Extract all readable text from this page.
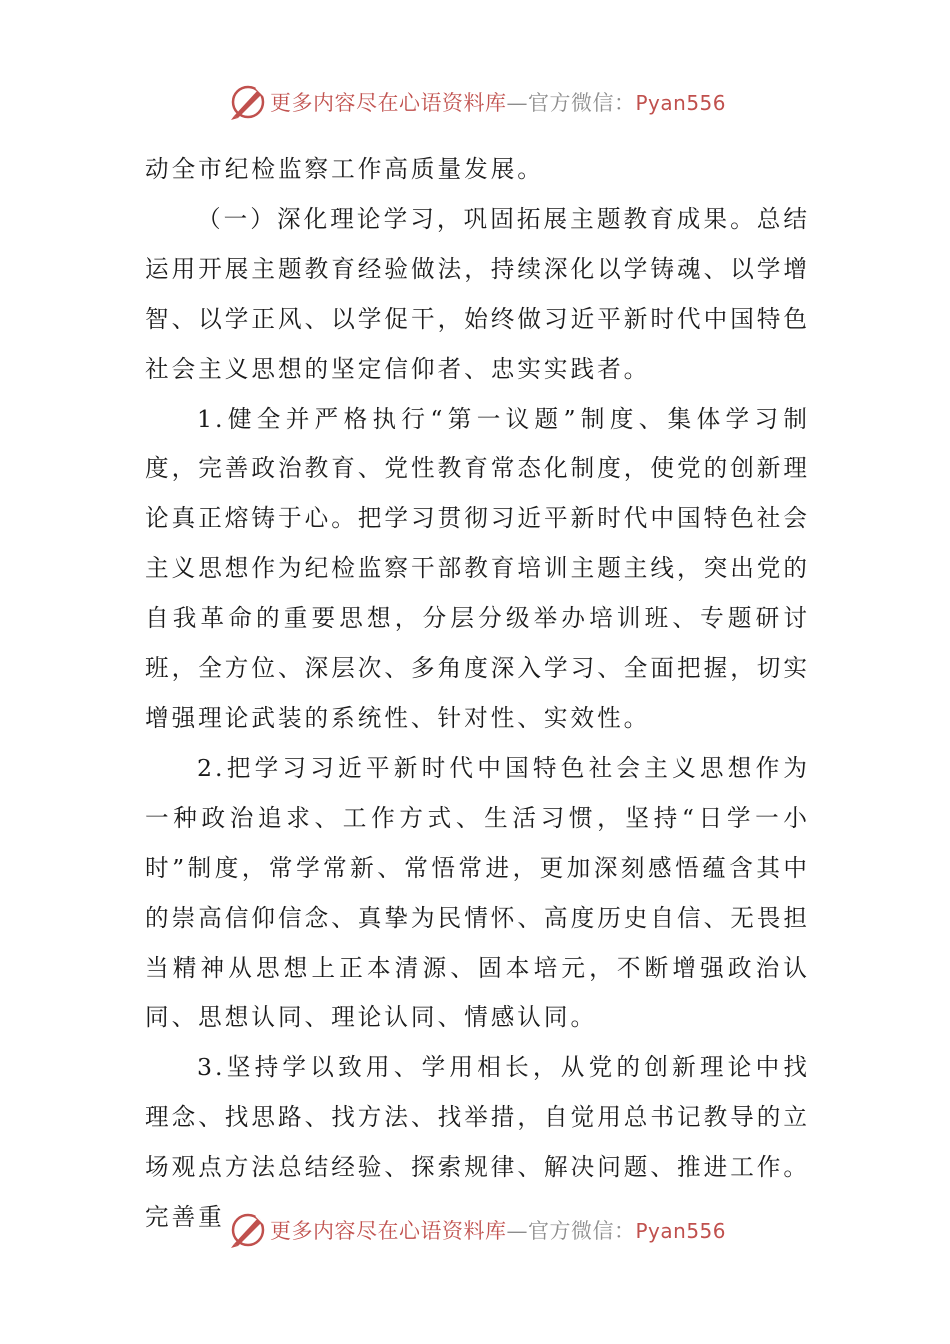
更多内容尽在心语资料库—官方微信：Pyan556

动全市纪检监察工作高质量发展。

（一）深化理论学习，巩固拓展主题教育成果。总结运用开展主题教育经验做法，持续深化以学铸魂、以学增智、以学正风、以学促干，始终做习近平新时代中国特色社会主义思想的坚定信仰者、忠实实践者。

1.健全并严格执行“第一议题”制度、集体学习制度，完善政治教育、党性教育常态化制度，使党的创新理论真正熔铸于心。把学习贯彻习近平新时代中国特色社会主义思想作为纪检监察干部教育培训主题主线，突出党的自我革命的重要思想，分层分级举办培训班、专题研讨班，全方位、深层次、多角度深入学习、全面把握，切实增强理论武装的系统性、针对性、实效性。

2.把学习习近平新时代中国特色社会主义思想作为一种政治追求、工作方式、生活习惯，坚持“日学一小时”制度，常学常新、常悟常进，更加深刻感悟蕴含其中的崇高信仰信念、真挚为民情怀、高度历史自信、无畏担当精神从思想上正本清源、固本培元，不断增强政治认同、思想认同、理论认同、情感认同。

3.坚持学以致用、学用相长，从党的创新理论中找理念、找思路、找方法、找举措，自觉用总书记教导的立场观点方法总结经验、探索规律、解决问题、推进工作。完善重	更多内容尽在心语资料库—官方微信：Pyan556
